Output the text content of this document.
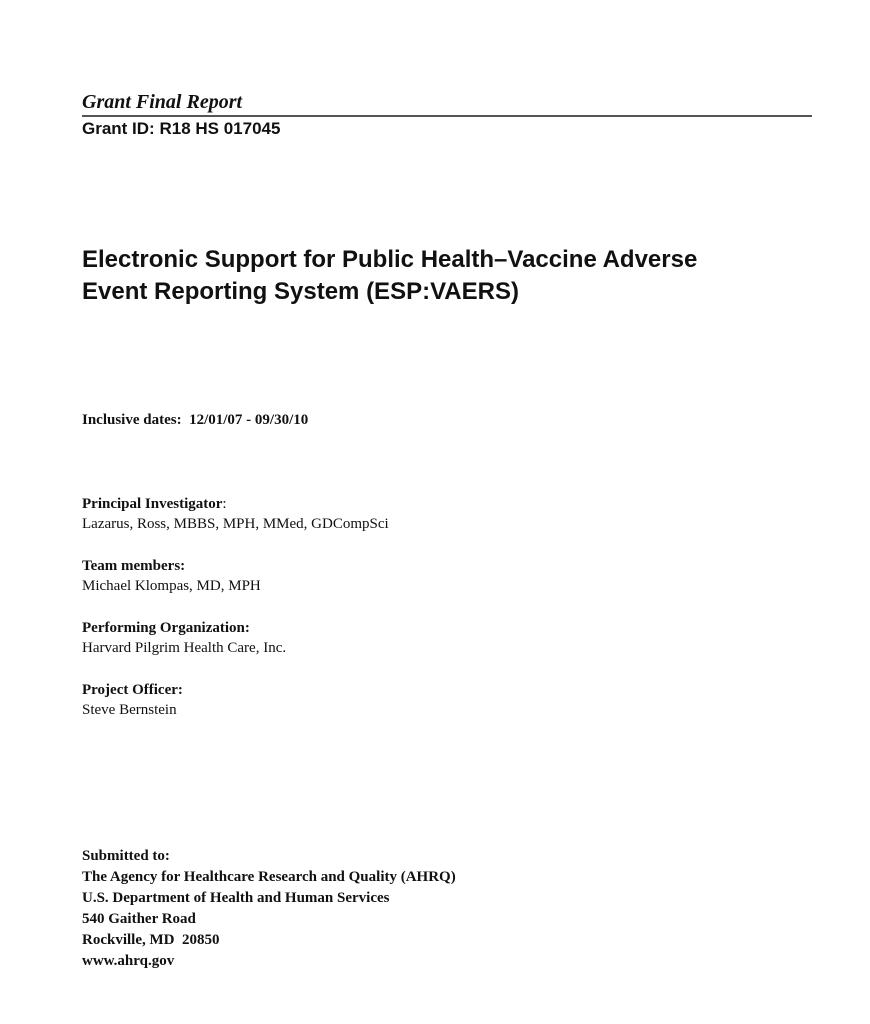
Grant Final Report
Grant ID: R18 HS 017045
Electronic Support for Public Health–Vaccine Adverse
Event Reporting System (ESP:VAERS)
Inclusive dates: 12/01/07 - 09/30/10
Principal Investigator:
Lazarus, Ross, MBBS, MPH, MMed, GDCompSci
Team members:
Michael Klompas, MD, MPH
Performing Organization:
Harvard Pilgrim Health Care, Inc.
Project Officer:
Steve Bernstein
Submitted to:
The Agency for Healthcare Research and Quality (AHRQ)
U.S. Department of Health and Human Services
540 Gaither Road
Rockville, MD  20850
www.ahrq.gov
